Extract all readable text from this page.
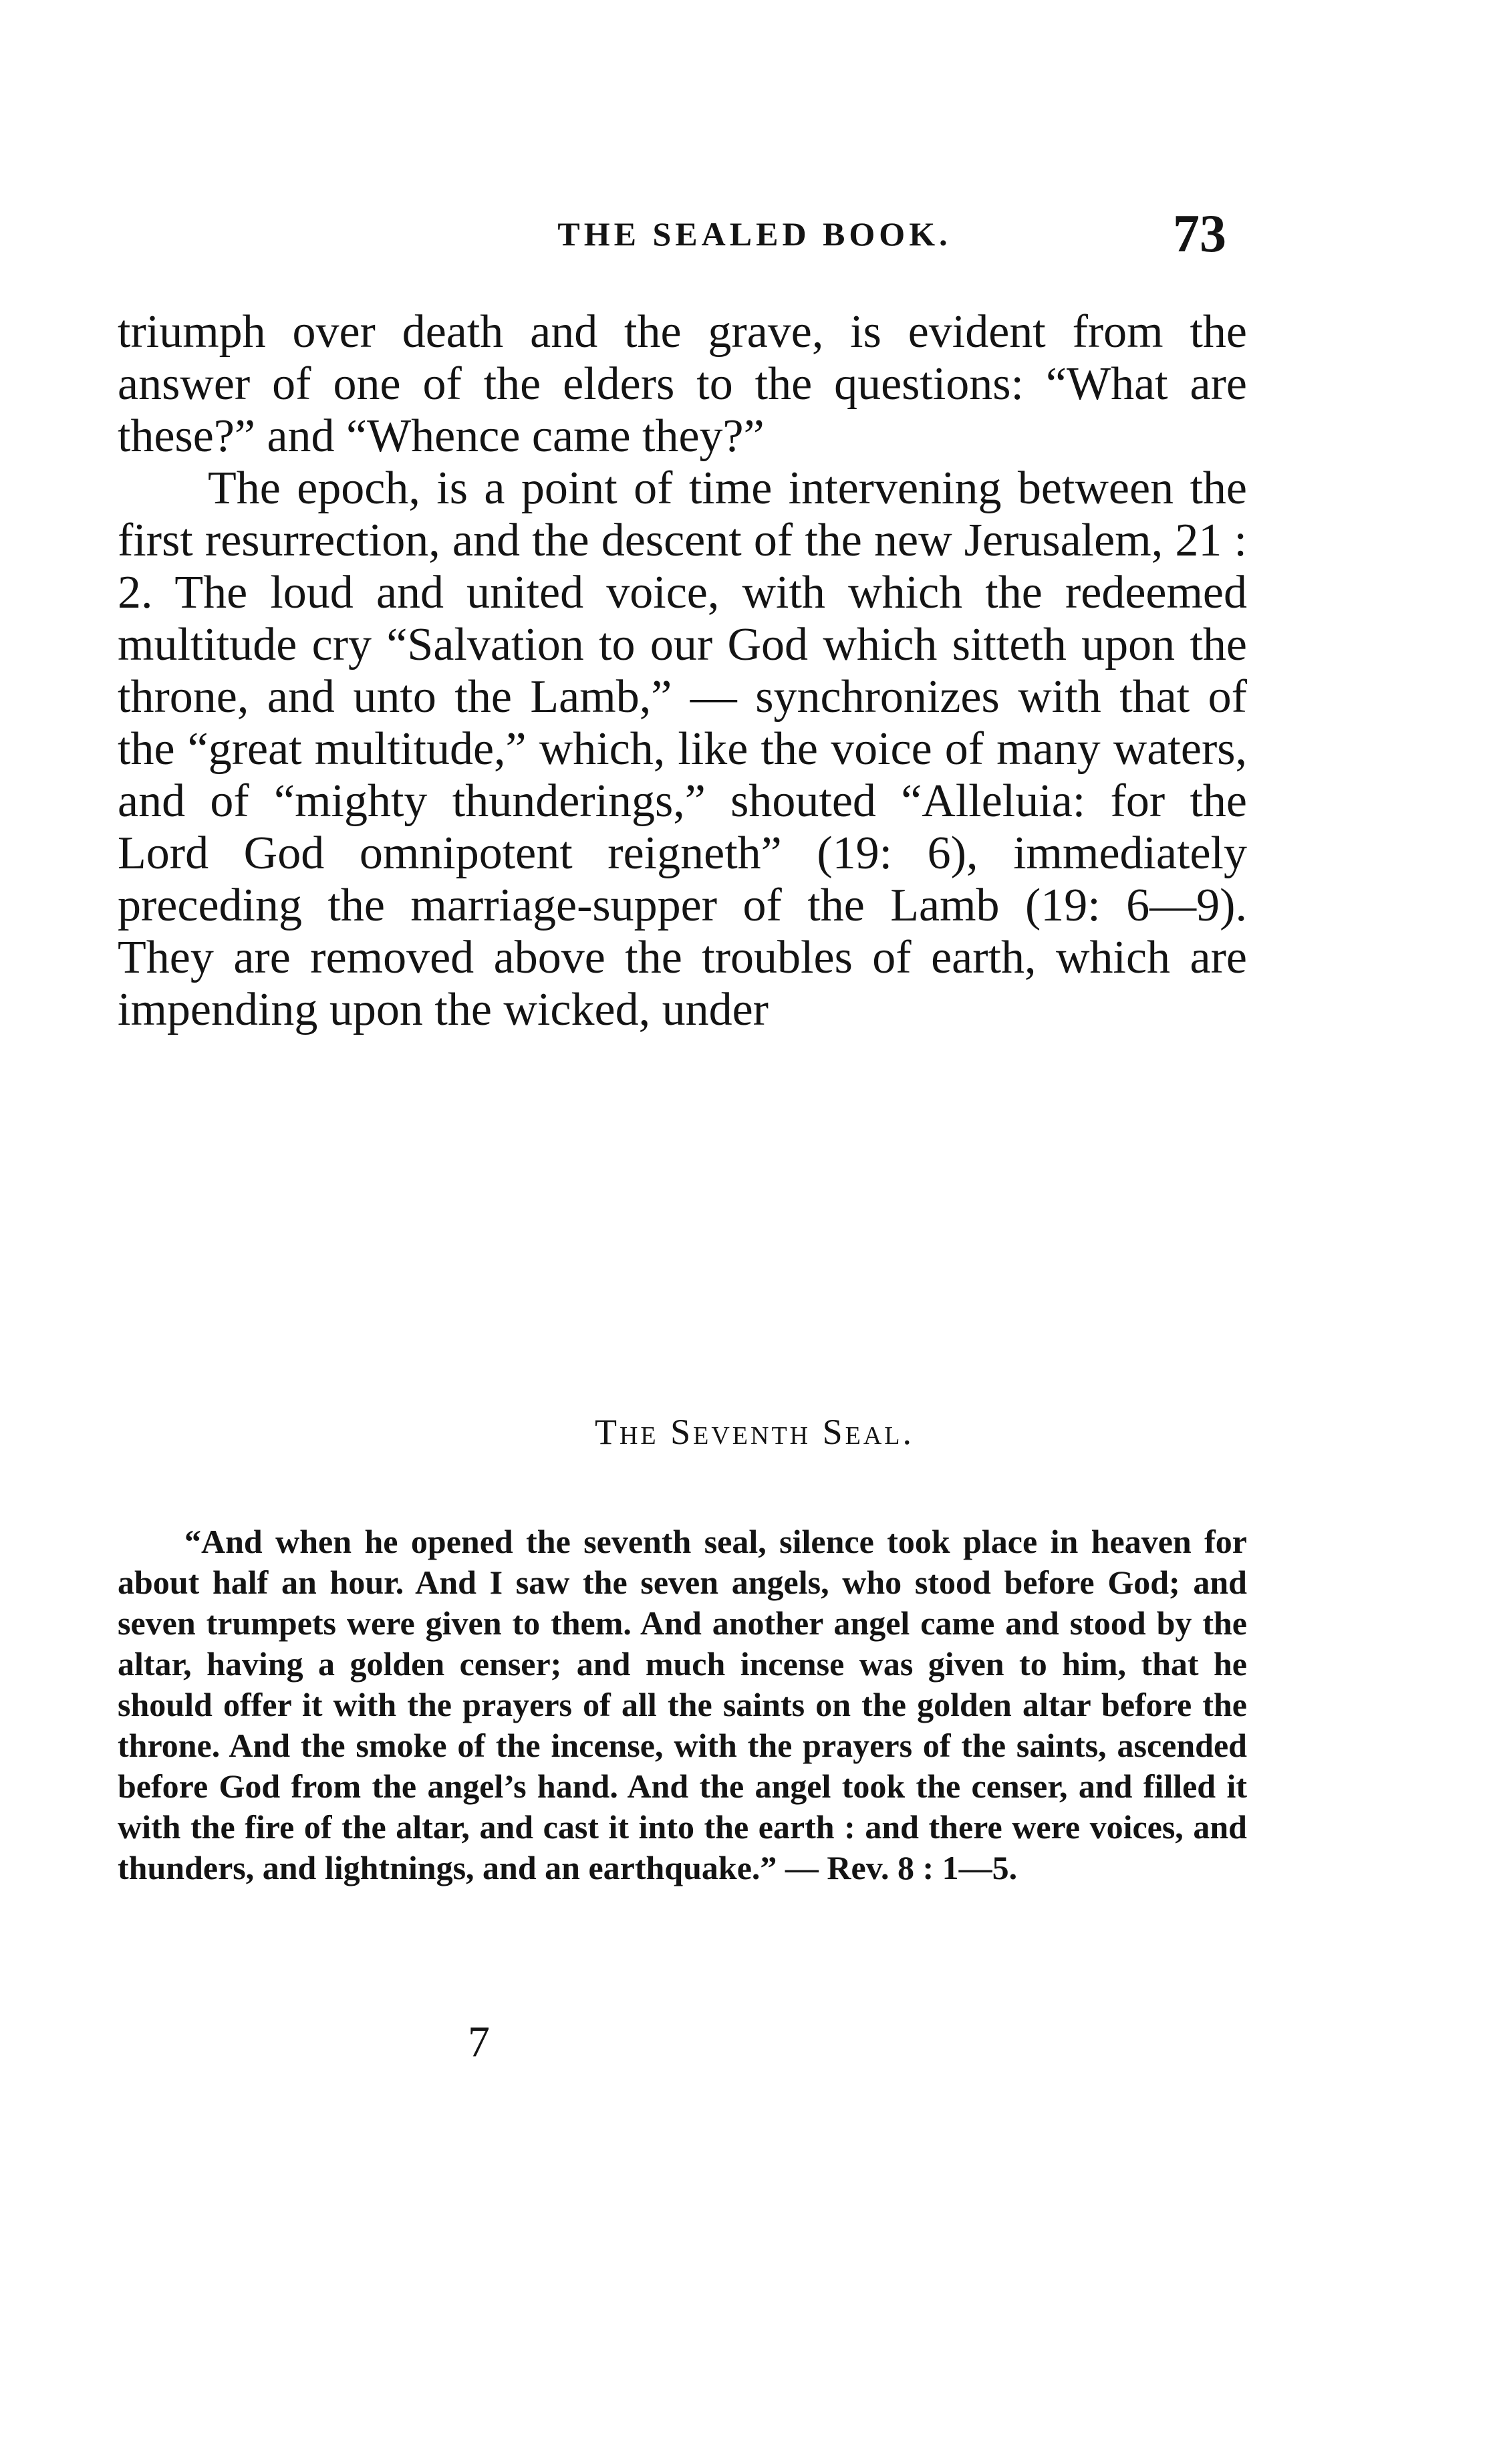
THE SEALED BOOK.	73

triumph over death and the grave, is evident from the answer of one of the elders to the questions: “What are these?” and “Whence came they?”

The epoch, is a point of time intervening between the first resurrection, and the descent of the new Jerusalem, 21 : 2. The loud and united voice, with which the redeemed multitude cry “Salvation to our God which sitteth upon the throne, and unto the Lamb,” — synchronizes with that of the “great multitude,” which, like the voice of many waters, and of “mighty thunderings,” shouted “Alleluia: for the Lord God omnipotent reigneth” (19: 6), immediately preceding the marriage-supper of the Lamb (19: 6—9). They are removed above the troubles of earth, which are impending upon the wicked, under

The Seventh Seal.

“And when he opened the seventh seal, silence took place in heaven for about half an hour. And I saw the seven angels, who stood before God; and seven trumpets were given to them. And another angel came and stood by the altar, having a golden censer; and much incense was given to him, that he should offer it with the prayers of all the saints on the golden altar before the throne. And the smoke of the incense, with the prayers of the saints, ascended before God from the angel’s hand. And the angel took the censer, and filled it with the fire of the altar, and cast it into the earth : and there were voices, and thunders, and lightnings, and an earthquake.” — Rev. 8 : 1—5.

7
